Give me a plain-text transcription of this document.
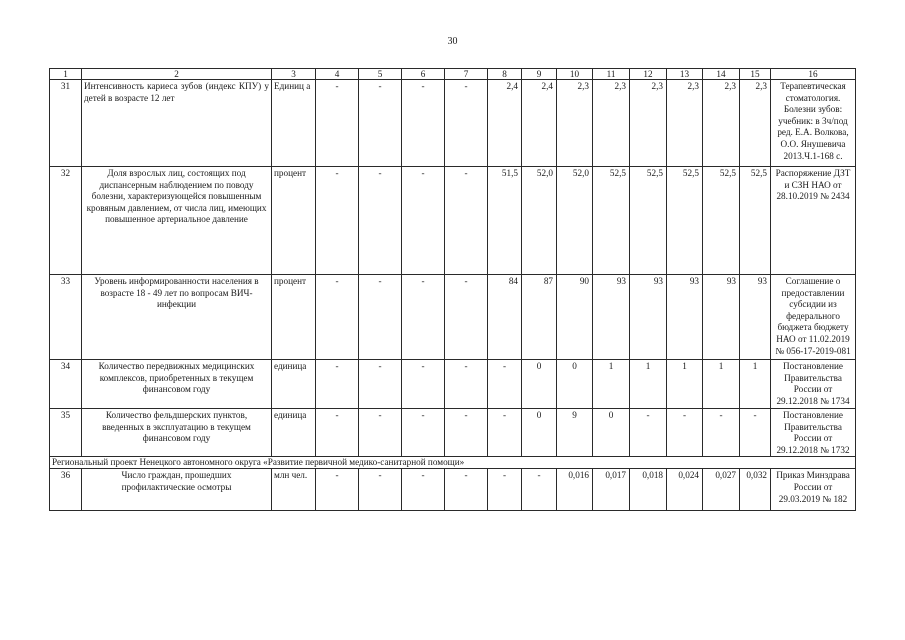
30
1	2	3	4	5	6	7	8	9	10	11	12	13	14	15	16
31	Интенсивность кариеса зубов (индекс КПУ) у детей в возрасте 12 лет	Единиц а	-	-	-	-	2,4	2,4	2,3	2,3	2,3	2,3	2,3	2,3	Терапевтическая стоматология. Болезни зубов: учебник: в 3ч/под ред. Е.А. Волкова, О.О. Янушевича 2013.Ч.1-168 с.
32	Доля взрослых лиц, состоящих под диспансерным наблюдением по поводу болезни, характеризующейся повышенным кровяным давлением, от числа лиц, имеющих повышенное артериальное давление	процент	-	-	-	-	51,5	52,0	52,0	52,5	52,5	52,5	52,5	52,5	Распоряжение ДЗТ и СЗН НАО от 28.10.2019 № 2434
33	Уровень информированности населения в возрасте 18 - 49 лет по вопросам ВИЧ-инфекции	процент	-	-	-	-	84	87	90	93	93	93	93	93	Соглашение о предоставлении субсидии из федерального бюджета бюджету НАО от 11.02.2019 № 056-17-2019-081
34	Количество передвижных медицинских комплексов, приобретенных в текущем финансовом году	единица	-	-	-	-	-	0	0	1	1	1	1	1	Постановление Правительства России от 29.12.2018 № 1734
35	Количество фельдшерских пунктов, введенных в эксплуатацию в текущем финансовом году	единица	-	-	-	-	-	0	9	0	-	-	-	-	Постановление Правительства России от 29.12.2018 № 1732
Региональный проект Ненецкого автономного округа «Развитие первичной медико-санитарной помощи»															
36	Число граждан, прошедших профилактические осмотры	млн чел.	-	-	-	-	-	-	0,016	0,017	0,018	0,024	0,027	0,032	Приказ Минздрава России от 29.03.2019 № 182
